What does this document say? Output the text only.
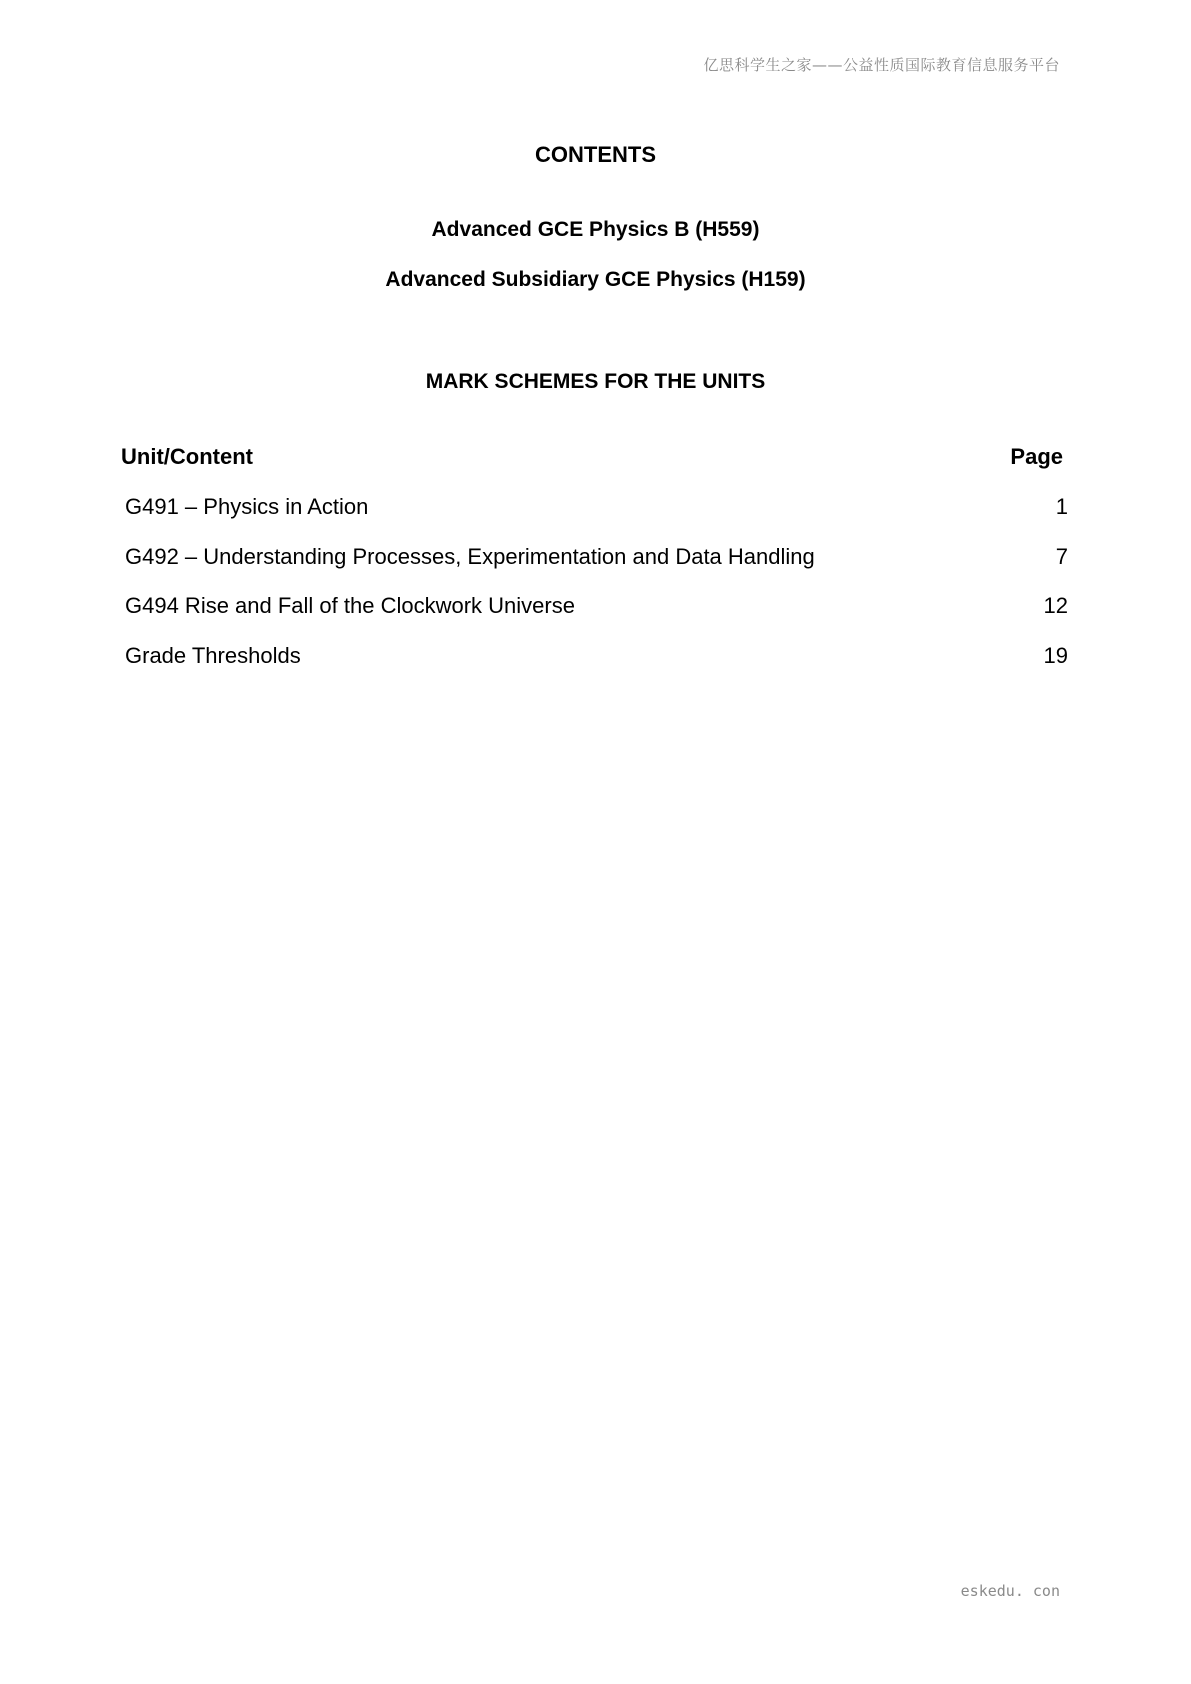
亿思科学生之家——公益性质国际教育信息服务平台
CONTENTS
Advanced GCE Physics B (H559)
Advanced Subsidiary GCE Physics (H159)
MARK SCHEMES FOR THE UNITS
Unit/Content	Page
G491 – Physics in Action	1
G492 – Understanding Processes, Experimentation and Data Handling	7
G494 Rise and Fall of the Clockwork Universe	12
Grade Thresholds	19
eskedu. con
